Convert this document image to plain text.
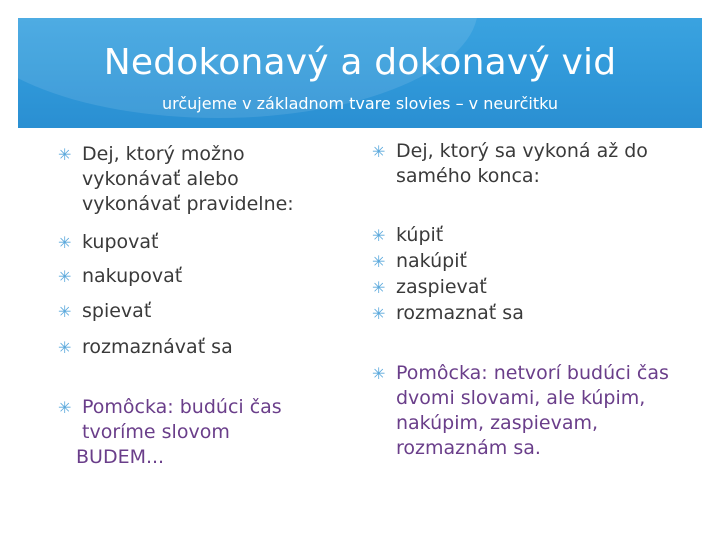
Nedokonavý a dokonavý vid
určujeme v základnom tvare slovies – v neurčitku
✳ Dej, ktorý možno vykonávať alebo vykonávať pravidelne:
✳ kupovať
✳ nakupovať
✳ spievať
✳ rozmaznávať sa
✳ Pomôcka: budúci čas tvoríme slovom
BUDEM...
✳ Dej, ktorý sa vykoná až do samého konca:
✳ kúpiť
✳ nakúpiť
✳ zaspievať
✳ rozmaznať sa
✳ Pomôcka: netvorí budúci čas dvomi slovami, ale kúpim, nakúpim, zaspievam, rozmaznám sa.
